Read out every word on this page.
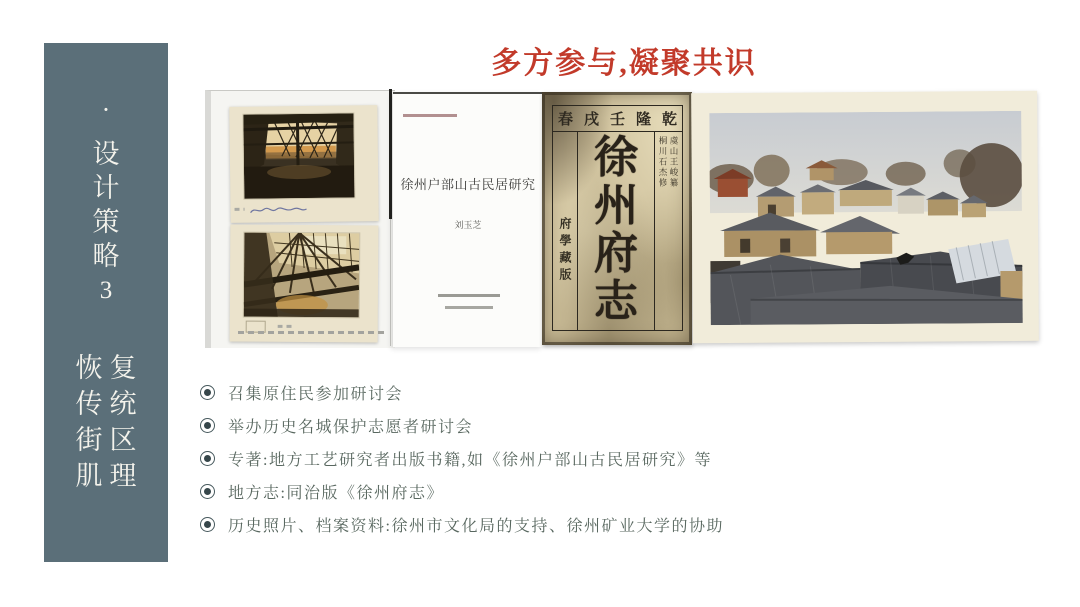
·
设
计
策
略
3
恢 复
传 统
街 区
肌 理
多方参与,凝聚共识
徐州户部山古民居研究
刘玉芝
春 戌 壬 隆 乾
府學藏版
徐
州
府
志
桐川石杰修 虞山王峻纂
召集原住民参加研讨会
举办历史名城保护志愿者研讨会
专著:地方工艺研究者出版书籍,如《徐州户部山古民居研究》等
地方志:同治版《徐州府志》
历史照片、档案资料:徐州市文化局的支持、徐州矿业大学的协助
